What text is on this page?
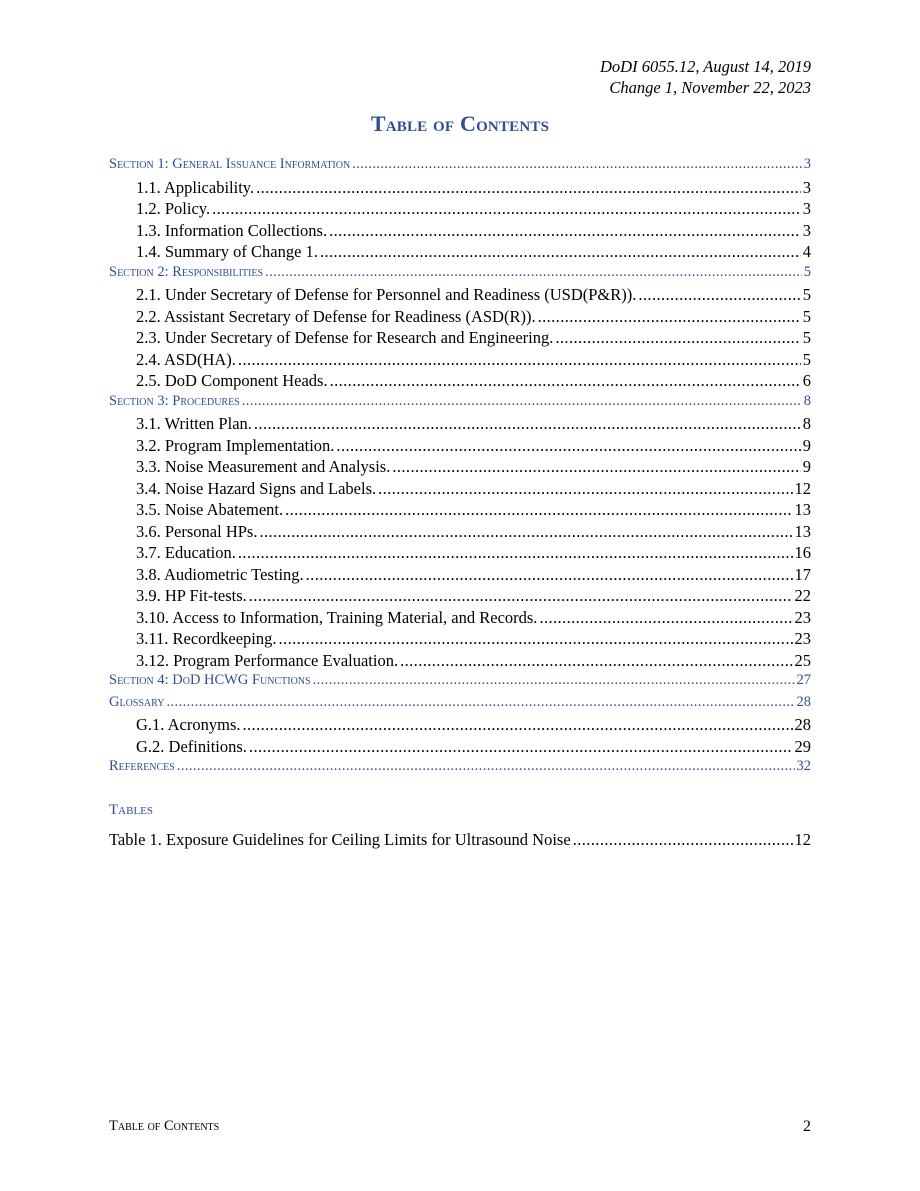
DoDI 6055.12, August 14, 2019
Change 1, November 22, 2023
Table of Contents
Section 1: General Issuance Information .....	3
1.1. Applicability. .....	3
1.2. Policy. .....	3
1.3. Information Collections. .....	3
1.4. Summary of Change 1. .....	4
Section 2: Responsibilities .....	5
2.1. Under Secretary of Defense for Personnel and Readiness (USD(P&R)). .....	5
2.2. Assistant Secretary of Defense for Readiness (ASD(R)). .....	5
2.3. Under Secretary of Defense for Research and Engineering. .....	5
2.4. ASD(HA). .....	5
2.5. DoD Component Heads. .....	6
Section 3: Procedures .....	8
3.1. Written Plan. .....	8
3.2. Program Implementation. .....	9
3.3. Noise Measurement and Analysis. .....	9
3.4. Noise Hazard Signs and Labels. .....	12
3.5. Noise Abatement. .....	13
3.6. Personal HPs. .....	13
3.7. Education. .....	16
3.8. Audiometric Testing. .....	17
3.9. HP Fit-tests. .....	22
3.10. Access to Information, Training Material, and Records. .....	23
3.11. Recordkeeping. .....	23
3.12. Program Performance Evaluation. .....	25
Section 4: DoD HCWG Functions .....	27
Glossary .....	28
G.1. Acronyms. .....	28
G.2. Definitions. .....	29
References .....	32
Tables
Table 1. Exposure Guidelines for Ceiling Limits for Ultrasound Noise .....	12
Table of Contents	2
